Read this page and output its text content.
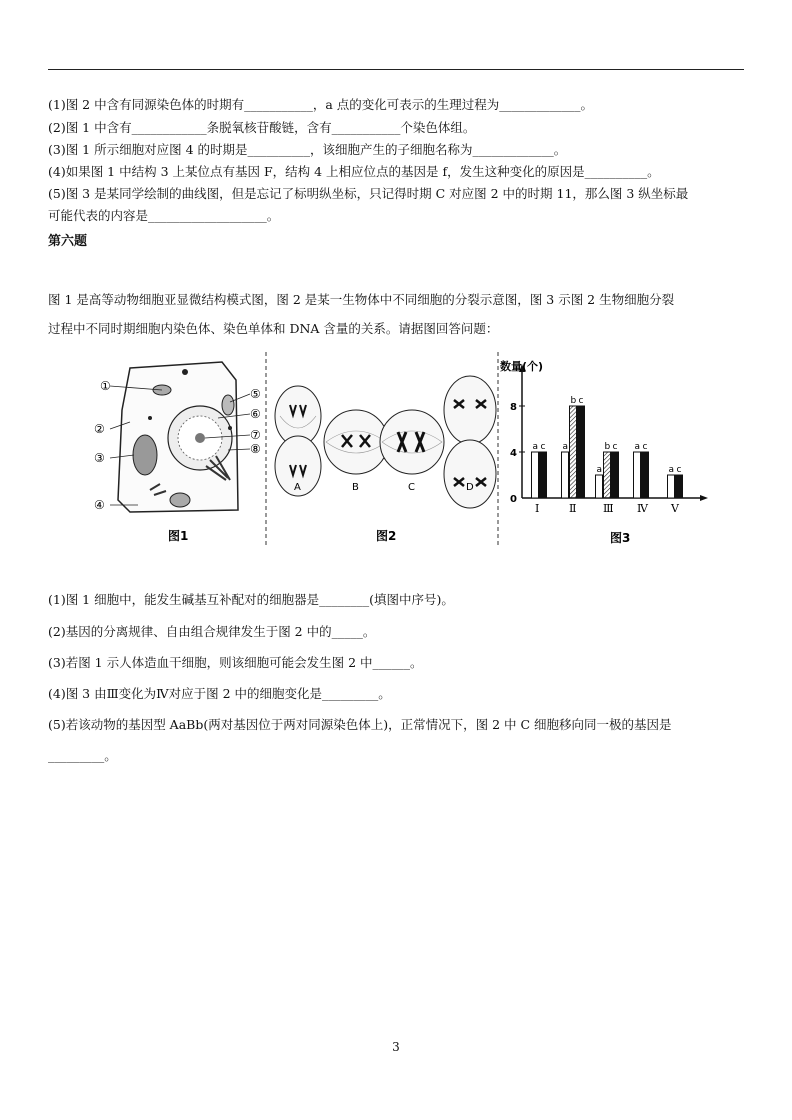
(1)图 2 中含有同源染色体的时期有___________，a 点的变化可表示的生理过程为_____________。
(2)图 1 中含有____________条脱氧核苷酸链，含有___________个染色体组。
(3)图 1 所示细胞对应图 4 的时期是__________，该细胞产生的子细胞名称为_____________。
(4)如果图 1 中结构 3 上某位点有基因 F，结构 4 上相应位点的基因是 f，发生这种变化的原因是__________。
(5)图 3 是某同学绘制的曲线图，但是忘记了标明纵坐标，只记得时期 C 对应图 2 中的时期 11，那么图 3 纵坐标最
可能代表的内容是___________________。
第六题
图 1 是高等动物细胞亚显微结构模式图，图 2 是某一生物体中不同细胞的分裂示意图，图 3 示图 2 生物细胞分裂
过程中不同时期细胞内染色体、染色单体和 DNA 含量的关系。请据图回答问题：
①
②
③
④
⑤
⑥
⑦
⑧
图1
A	B	C	D
图2
数量(个)
0
4
8
a c
Ⅰ
a
b c
Ⅱ
a
b c
Ⅲ
a c
Ⅳ
a c
Ⅴ
图3
(1)图 1 细胞中，能发生碱基互补配对的细胞器是________(填图中序号)。
(2)基因的分离规律、自由组合规律发生于图 2 中的_____。
(3)若图 1 示人体造血干细胞，则该细胞可能会发生图 2 中______。
(4)图 3 由Ⅲ变化为Ⅳ对应于图 2 中的细胞变化是_________。
(5)若该动物的基因型 AaBb(两对基因位于两对同源染色体上)，正常情况下，图 2 中 C 细胞移向同一极的基因是
_________。
3
